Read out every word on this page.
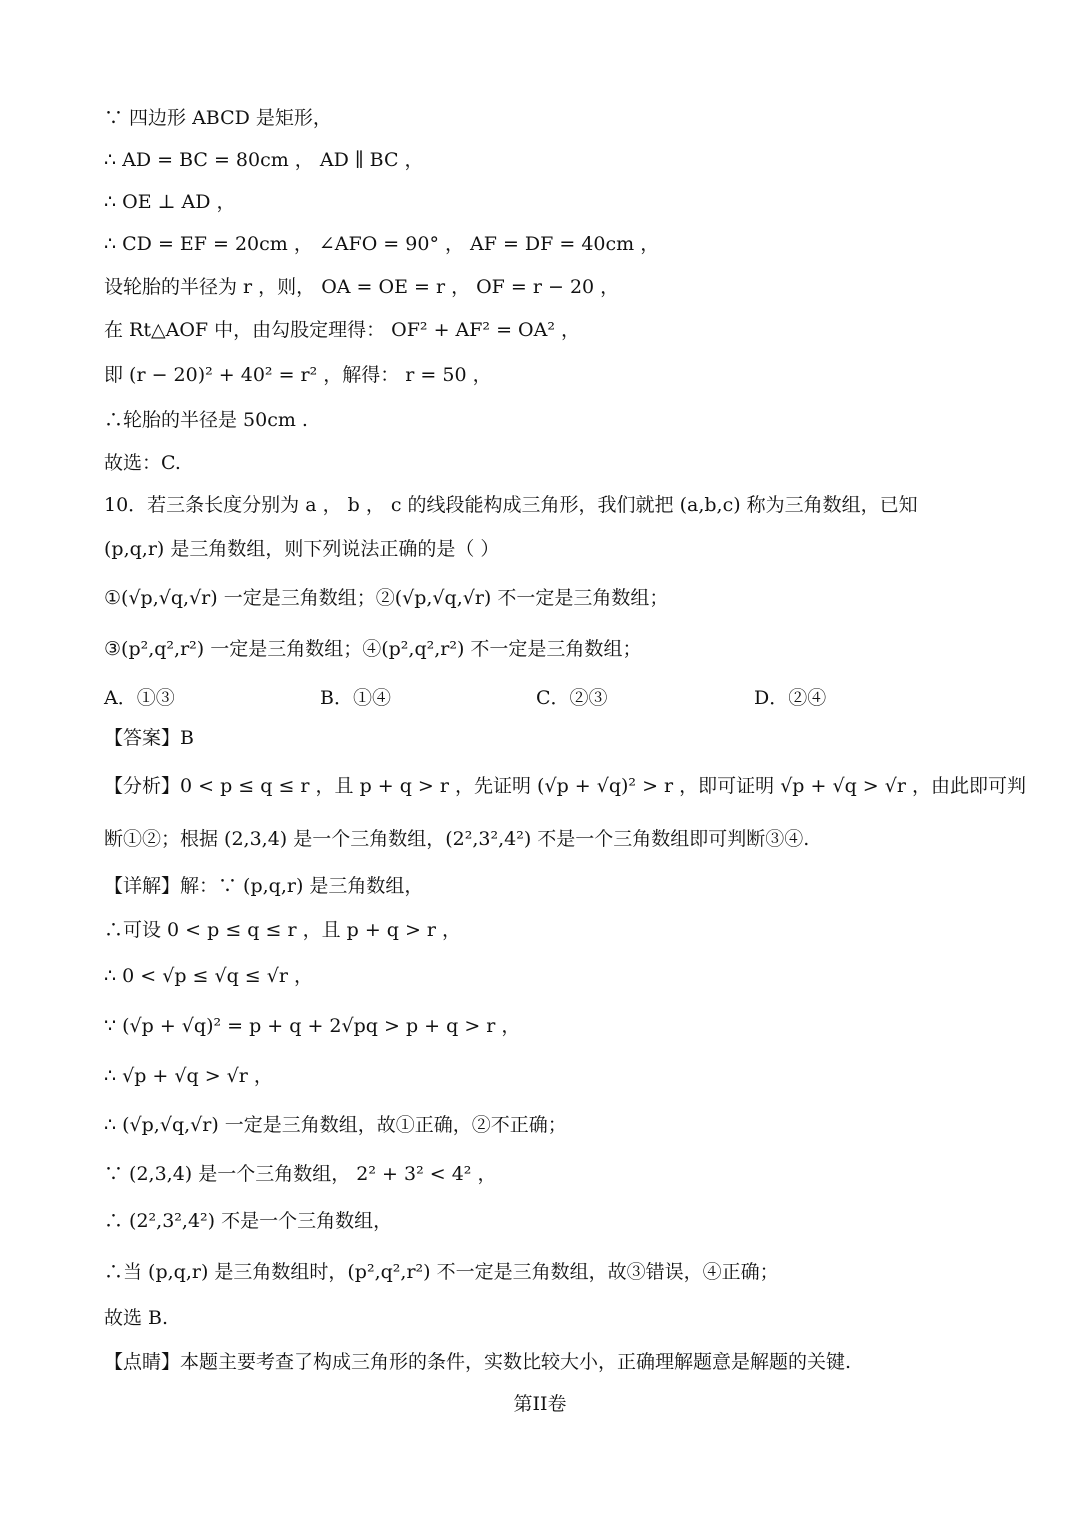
∵ 四边形 ABCD 是矩形，
∴ AD = BC = 80cm ， AD ∥ BC ，
∴ OE ⊥ AD ，
∴ CD = EF = 20cm ， ∠AFO = 90° ， AF = DF = 40cm ，
设轮胎的半径为 r ，则， OA = OE = r ， OF = r − 20 ，
在 Rt△AOF 中，由勾股定理得： OF² + AF² = OA² ，
即 (r − 20)² + 40² = r² ，解得： r = 50 ，
∴轮胎的半径是 50cm .
故选：C.
10．若三条长度分别为 a ， b ， c 的线段能构成三角形，我们就把 (a,b,c) 称为三角数组，已知
(p,q,r) 是三角数组，则下列说法正确的是（ ）
①(√p,√q,√r) 一定是三角数组；②(√p,√q,√r) 不一定是三角数组；
③(p²,q²,r²) 一定是三角数组；④(p²,q²,r²) 不一定是三角数组；
A．①③	B．①④	C．②③	D．②④
【答案】B
【分析】0 < p ≤ q ≤ r ，且 p + q > r ，先证明 (√p + √q)² > r ，即可证明 √p + √q > √r ，由此即可判
断①②；根据 (2,3,4) 是一个三角数组，(2²,3²,4²) 不是一个三角数组即可判断③④.
【详解】解：∵ (p,q,r) 是三角数组，
∴可设 0 < p ≤ q ≤ r ，且 p + q > r ，
∴ 0 < √p ≤ √q ≤ √r ，
∵ (√p + √q)² = p + q + 2√pq > p + q > r ，
∴ √p + √q > √r ，
∴ (√p,√q,√r) 一定是三角数组，故①正确，②不正确；
∵ (2,3,4) 是一个三角数组， 2² + 3² < 4² ，
∴ (2²,3²,4²) 不是一个三角数组，
∴当 (p,q,r) 是三角数组时，(p²,q²,r²) 不一定是三角数组，故③错误，④正确；
故选 B.
【点睛】本题主要考查了构成三角形的条件，实数比较大小，正确理解题意是解题的关键.
第II卷
